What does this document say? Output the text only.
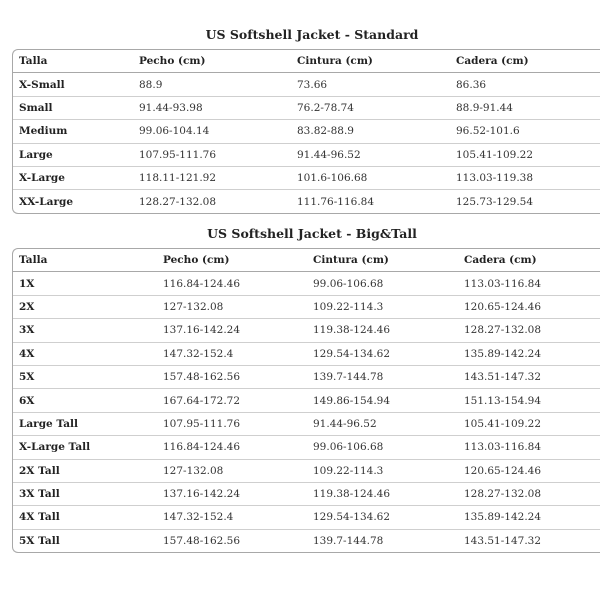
US Softshell Jacket - Standard
Talla	Pecho (cm)	Cintura (cm)	Cadera (cm)
X-Small	88.9	73.66	86.36
Small	91.44-93.98	76.2-78.74	88.9-91.44
Medium	99.06-104.14	83.82-88.9	96.52-101.6
Large	107.95-111.76	91.44-96.52	105.41-109.22
X-Large	118.11-121.92	101.6-106.68	113.03-119.38
XX-Large	128.27-132.08	111.76-116.84	125.73-129.54
US Softshell Jacket - Big&Tall
Talla	Pecho (cm)	Cintura (cm)	Cadera (cm)
1X	116.84-124.46	99.06-106.68	113.03-116.84
2X	127-132.08	109.22-114.3	120.65-124.46
3X	137.16-142.24	119.38-124.46	128.27-132.08
4X	147.32-152.4	129.54-134.62	135.89-142.24
5X	157.48-162.56	139.7-144.78	143.51-147.32
6X	167.64-172.72	149.86-154.94	151.13-154.94
Large Tall	107.95-111.76	91.44-96.52	105.41-109.22
X-Large Tall	116.84-124.46	99.06-106.68	113.03-116.84
2X Tall	127-132.08	109.22-114.3	120.65-124.46
3X Tall	137.16-142.24	119.38-124.46	128.27-132.08
4X Tall	147.32-152.4	129.54-134.62	135.89-142.24
5X Tall	157.48-162.56	139.7-144.78	143.51-147.32
